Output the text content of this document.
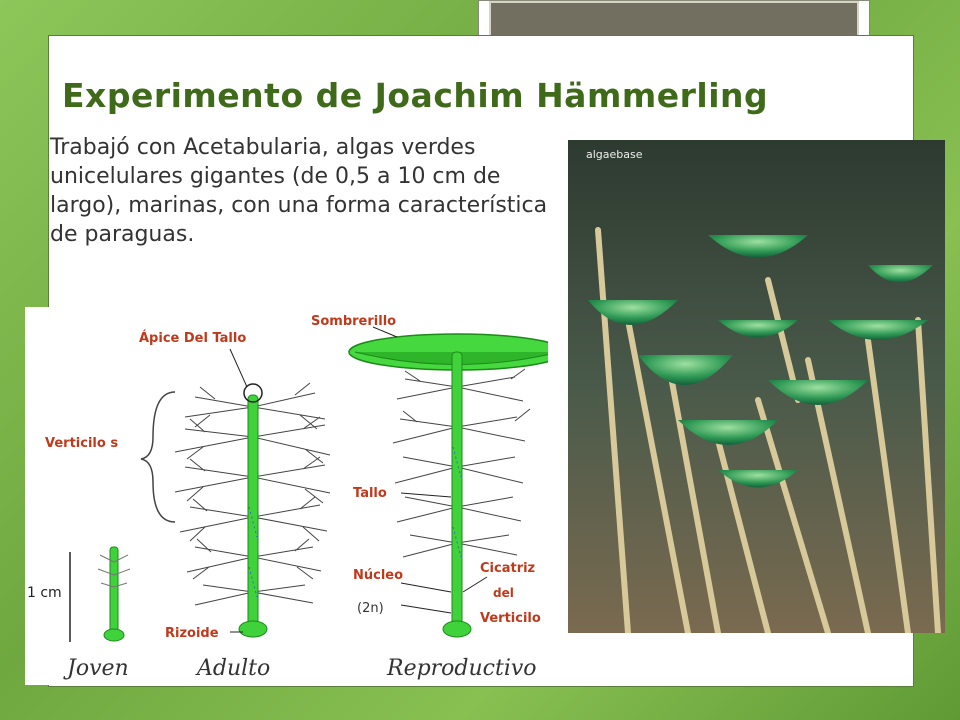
Experimento de Joachim Hämmerling

Trabajó con Acetabularia, algas verdes unicelulares gigantes (de 0,5 a 10 cm de largo), marinas, con una forma característica de paraguas.

Ápice Del Tallo
Sombrerillo
Verticilo s
Tallo
Núcleo
(2n)
Cicatriz
del
Verticilo
Rizoide
1 cm
Joven	Adulto	Reproductivo
algaebase
